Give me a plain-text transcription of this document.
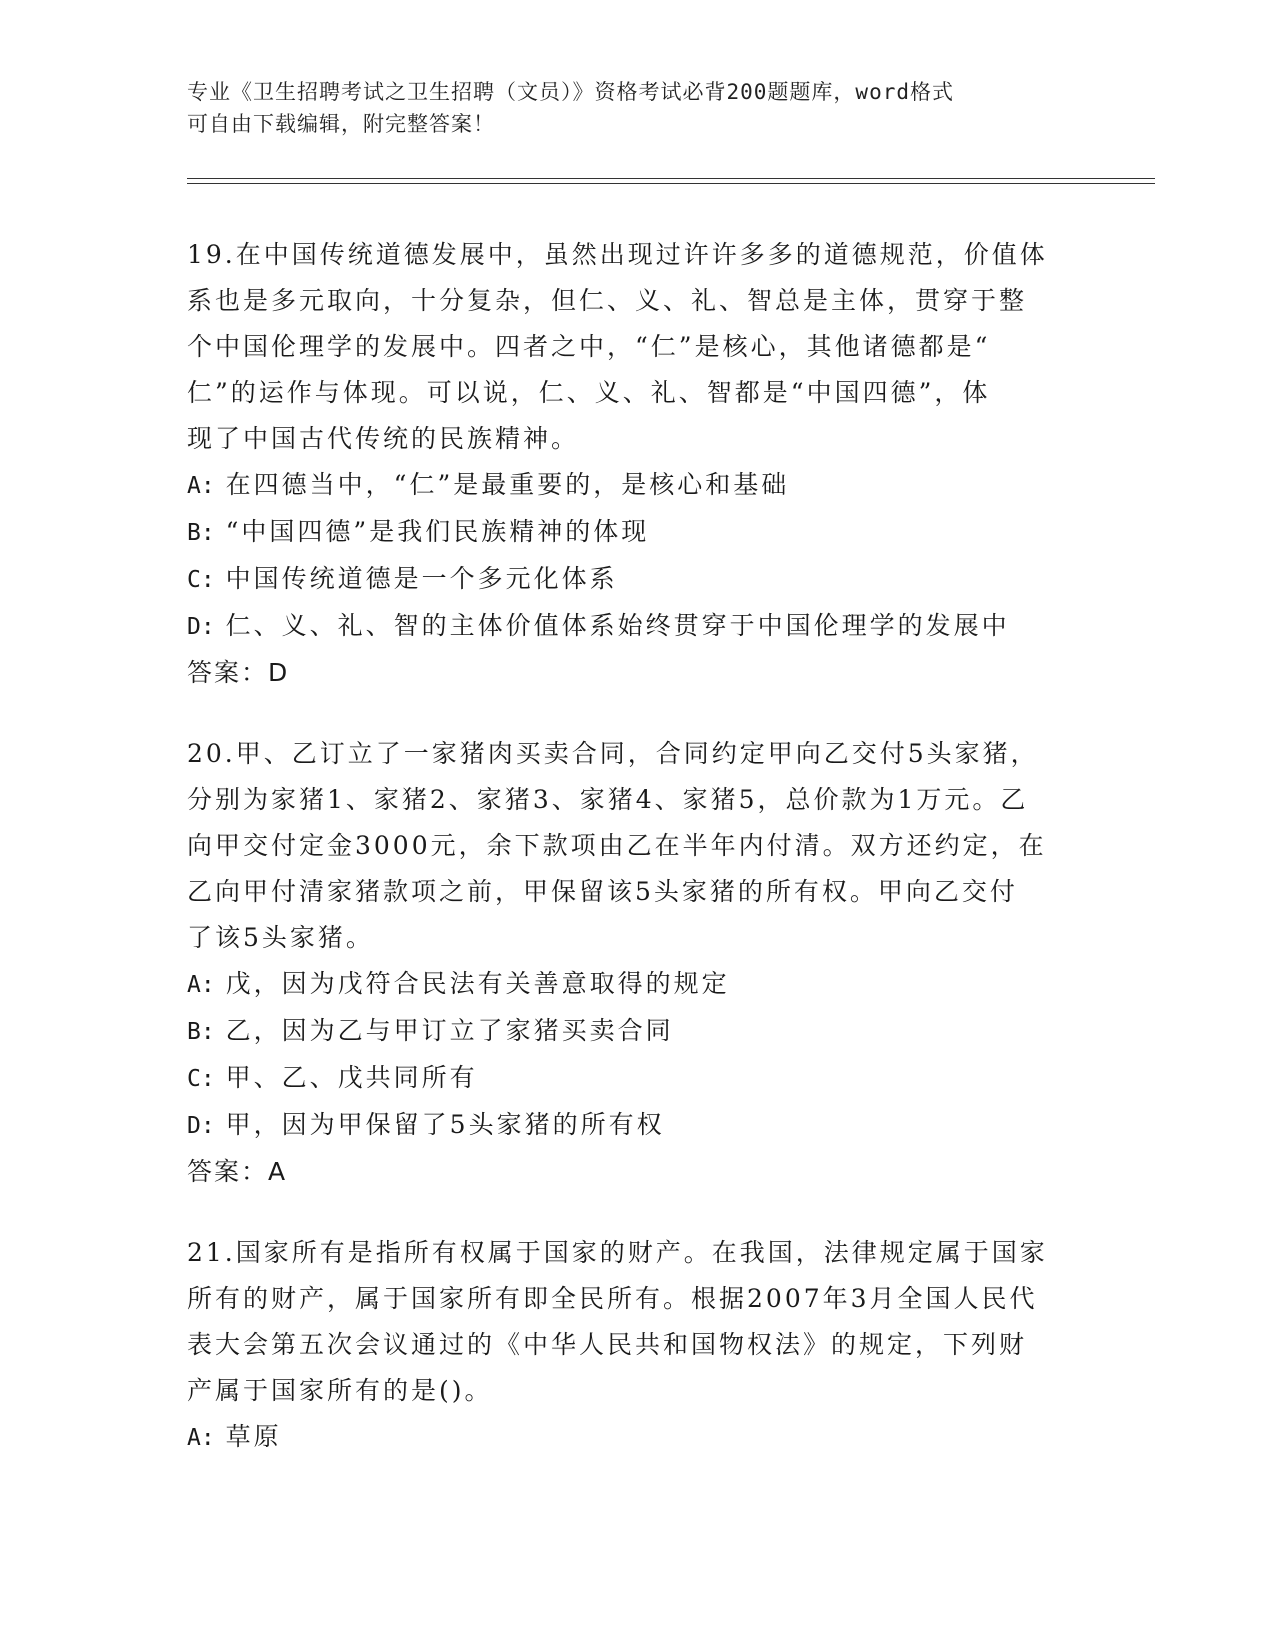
专业《卫生招聘考试之卫生招聘（文员）》资格考试必背200题题库，word格式
可自由下载编辑，附完整答案！
19.在中国传统道德发展中，虽然出现过许许多多的道德规范，价值体
系也是多元取向，十分复杂，但仁、义、礼、智总是主体，贯穿于整
个中国伦理学的发展中。四者之中，“仁”是核心，其他诸德都是“
仁”的运作与体现。可以说，仁、义、礼、智都是“中国四德”，体
现了中国古代传统的民族精神。
A: 在四德当中，“仁”是最重要的，是核心和基础
B: “中国四德”是我们民族精神的体现
C: 中国传统道德是一个多元化体系
D: 仁、义、礼、智的主体价值体系始终贯穿于中国伦理学的发展中
答案：D
20.甲、乙订立了一家猪肉买卖合同，合同约定甲向乙交付5头家猪，
分别为家猪1、家猪2、家猪3、家猪4、家猪5，总价款为1万元。乙
向甲交付定金3000元，余下款项由乙在半年内付清。双方还约定，在
乙向甲付清家猪款项之前，甲保留该5头家猪的所有权。甲向乙交付
了该5头家猪。
A: 戊，因为戊符合民法有关善意取得的规定
B: 乙，因为乙与甲订立了家猪买卖合同
C: 甲、乙、戊共同所有
D: 甲，因为甲保留了5头家猪的所有权
答案：A
21.国家所有是指所有权属于国家的财产。在我国，法律规定属于国家
所有的财产，属于国家所有即全民所有。根据2007年3月全国人民代
表大会第五次会议通过的《中华人民共和国物权法》的规定，下列财
产属于国家所有的是()。
A: 草原
